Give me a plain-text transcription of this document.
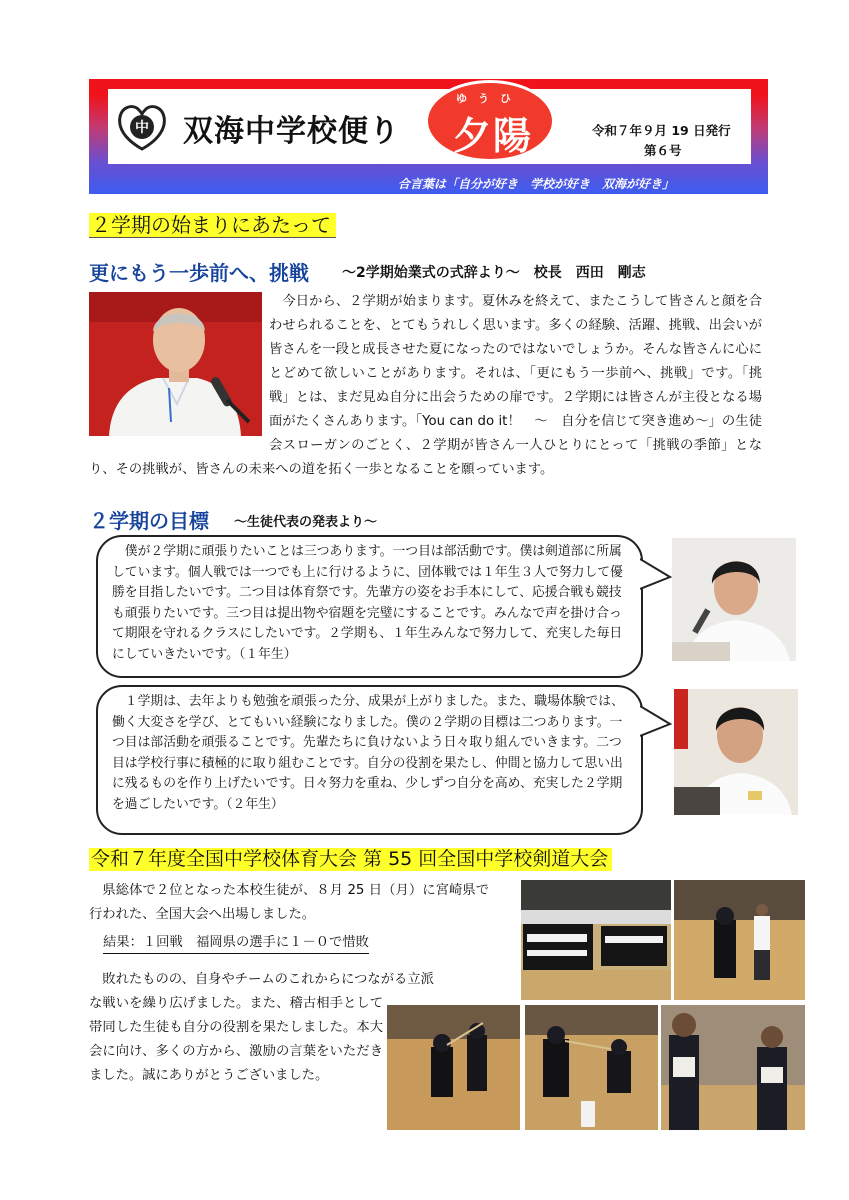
中 双海中学校便り
ゆうひ
夕陽	令和７年９月 19 日発行
第６号
合言葉は「自分が好き　学校が好き　双海が好き」
２学期の始まりにあたって
更にもう一歩前へ、挑戦 ～2学期始業式の式辞より～　校長　西田　剛志

　今日から、２学期が始まります。夏休みを終えて、またこうして皆さんと顔を合わせられることを、とてもうれしく思います。多くの経験、活躍、挑戦、出会いが皆さんを一段と成長させた夏になったのではないでしょうか。そんな皆さんに心にとどめて欲しいことがあります。それは、「更にもう一歩前へ、挑戦」です。「挑戦」とは、まだ見ぬ自分に出会うための扉です。２学期には皆さんが主役となる場面がたくさんあります。「You can do it！　～　自分を信じて突き進め～」の生徒会スローガンのごとく、２学期が皆さん一人ひとりにとって「挑戦の季節」となり、その挑戦が、皆さんの未来への道を拓く一歩となることを願っています。

２学期の目標 ～生徒代表の発表より～

　僕が２学期に頑張りたいことは三つあります。一つ目は部活動です。僕は剣道部に所属しています。個人戦では一つでも上に行けるように、団体戦では１年生３人で努力して優勝を目指したいです。二つ目は体育祭です。先輩方の姿をお手本にして、応援合戦も競技も頑張りたいです。三つ目は提出物や宿題を完璧にすることです。みんなで声を掛け合って期限を守れるクラスにしたいです。２学期も、１年生みんなで努力して、充実した毎日にしていきたいです。（１年生）

　１学期は、去年よりも勉強を頑張った分、成果が上がりました。また、職場体験では、働く大変さを学び、とてもいい経験になりました。僕の２学期の目標は二つあります。一つ目は部活動を頑張ることです。先輩たちに負けないよう日々取り組んでいきます。二つ目は学校行事に積極的に取り組むことです。自分の役割を果たし、仲間と協力して思い出に残るものを作り上げたいです。日々努力を重ね、少しずつ自分を高め、充実した２学期を過ごしたいです。（２年生）

令和７年度全国中学校体育大会 第 55 回全国中学校剣道大会

　県総体で２位となった本校生徒が、８月 25 日（月）に宮崎県で行われた、全国大会へ出場しました。

結果：１回戦　福岡県の選手に１－０で惜敗

　敗れたものの、自身やチームのこれからにつながる立派

な戦いを繰り広げました。また、稽古相手として帯同した生徒も自分の役割を果たしました。本大会に向け、多くの方から、激励の言葉をいただきました。誠にありがとうございました。
